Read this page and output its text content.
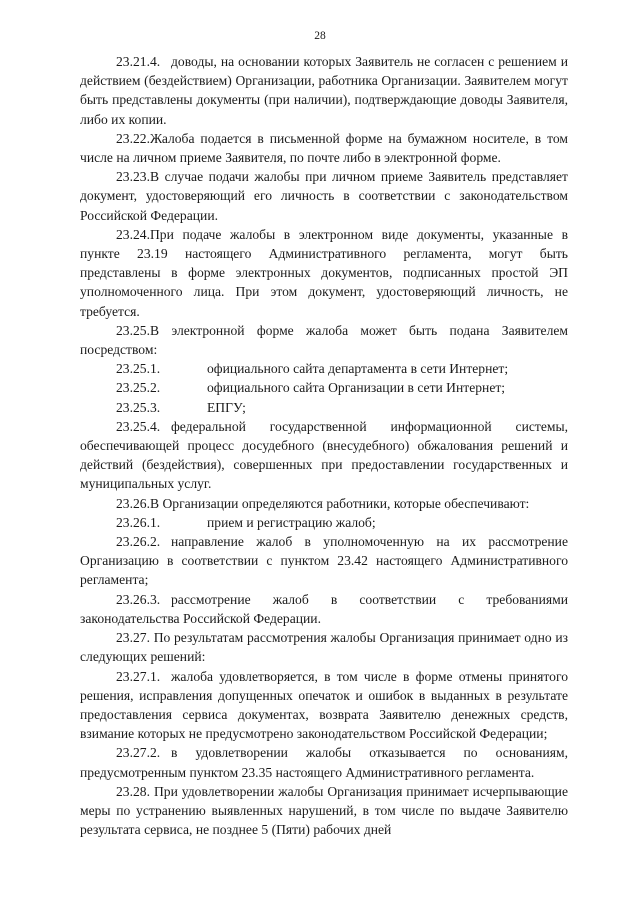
28

23.21.4. доводы, на основании которых Заявитель не согласен с решением и действием (бездействием) Организации, работника Организации. Заявителем могут быть представлены документы (при наличии), подтверждающие доводы Заявителя, либо их копии.

23.22.Жалоба подается в письменной форме на бумажном носителе, в том числе на личном приеме Заявителя, по почте либо в электронной форме.

23.23.В случае подачи жалобы при личном приеме Заявитель представляет документ, удостоверяющий его личность в соответствии с законодательством Российской Федерации.

23.24.При подаче жалобы в электронном виде документы, указанные в пункте 23.19 настоящего Административного регламента, могут быть представлены в форме электронных документов, подписанных простой ЭП уполномоченного лица. При этом документ, удостоверяющий личность, не требуется.

23.25.В электронной форме жалоба может быть подана Заявителем посредством:

23.25.1.	официального сайта департамента в сети Интернет;
23.25.2.	официального сайта Организации в сети Интернет;
23.25.3.	ЕПГУ;

23.25.4. федеральной государственной информационной системы, обеспечивающей процесс досудебного (внесудебного) обжалования решений и действий (бездействия), совершенных при предоставлении государственных и муниципальных услуг.

23.26.В Организации определяются работники, которые обеспечивают:

23.26.1.	прием и регистрацию жалоб;

23.26.2. направление жалоб в уполномоченную на их рассмотрение Организацию в соответствии с пунктом 23.42 настоящего Административного регламента;

23.26.3. рассмотрение жалоб в соответствии с требованиями законодательства Российской Федерации.

23.27. По результатам рассмотрения жалобы Организация принимает одно из следующих решений:

23.27.1. жалоба удовлетворяется, в том числе в форме отмены принятого решения, исправления допущенных опечаток и ошибок в выданных в результате предоставления сервиса документах, возврата Заявителю денежных средств, взимание которых не предусмотрено законодательством Российской Федерации;

23.27.2. в удовлетворении жалобы отказывается по основаниям, предусмотренным пунктом 23.35 настоящего Административного регламента.

23.28. При удовлетворении жалобы Организация принимает исчерпывающие меры по устранению выявленных нарушений, в том числе по выдаче Заявителю результата сервиса, не позднее 5 (Пяти) рабочих дней
